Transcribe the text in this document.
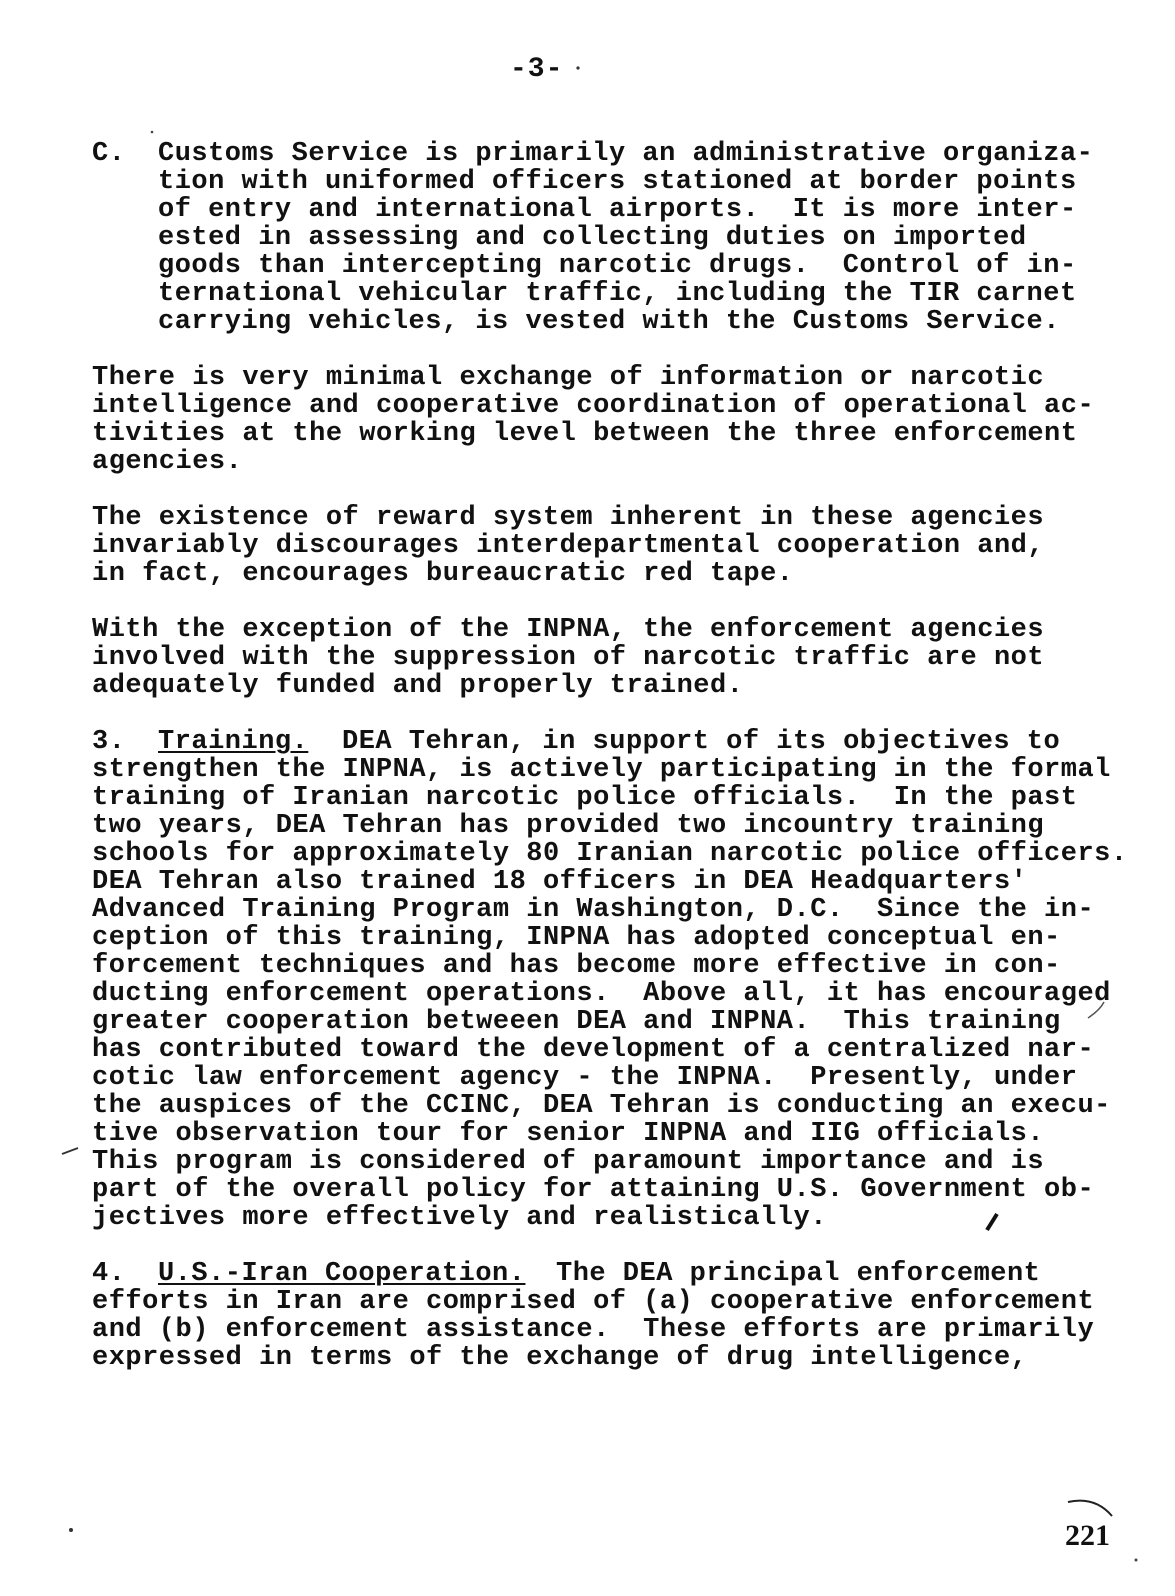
-3-
C. Customs Service is primarily an administrative organiza-
tion with uniformed officers stationed at border points
of entry and international airports.  It is more inter-
ested in assessing and collecting duties on imported
goods than intercepting narcotic drugs.  Control of in-
ternational vehicular traffic, including the TIR carnet
carrying vehicles, is vested with the Customs Service.
There is very minimal exchange of information or narcotic
intelligence and cooperative coordination of operational ac-
tivities at the working level between the three enforcement
agencies.
The existence of reward system inherent in these agencies
invariably discourages interdepartmental cooperation and,
in fact, encourages bureaucratic red tape.
With the exception of the INPNA, the enforcement agencies
involved with the suppression of narcotic traffic are not
adequately funded and properly trained.
3. Training. DEA Tehran, in support of its objectives to
strengthen the INPNA, is actively participating in the formal
training of Iranian narcotic police officials.  In the past
two years, DEA Tehran has provided two incountry training
schools for approximately 80 Iranian narcotic police officers.
DEA Tehran also trained 18 officers in DEA Headquarters'
Advanced Training Program in Washington, D.C.  Since the in-
ception of this training, INPNA has adopted conceptual en-
forcement techniques and has become more effective in con-
ducting enforcement operations.  Above all, it has encouraged
greater cooperation betweeen DEA and INPNA.  This training
has contributed toward the development of a centralized nar-
cotic law enforcement agency - the INPNA.  Presently, under
the auspices of the CCINC, DEA Tehran is conducting an execu-
tive observation tour for senior INPNA and IIG officials.
This program is considered of paramount importance and is
part of the overall policy for attaining U.S. Government ob-
jectives more effectively and realistically.
4. U.S.-Iran Cooperation. The DEA principal enforcement
efforts in Iran are comprised of (a) cooperative enforcement
and (b) enforcement assistance.  These efforts are primarily
expressed in terms of the exchange of drug intelligence,
221
